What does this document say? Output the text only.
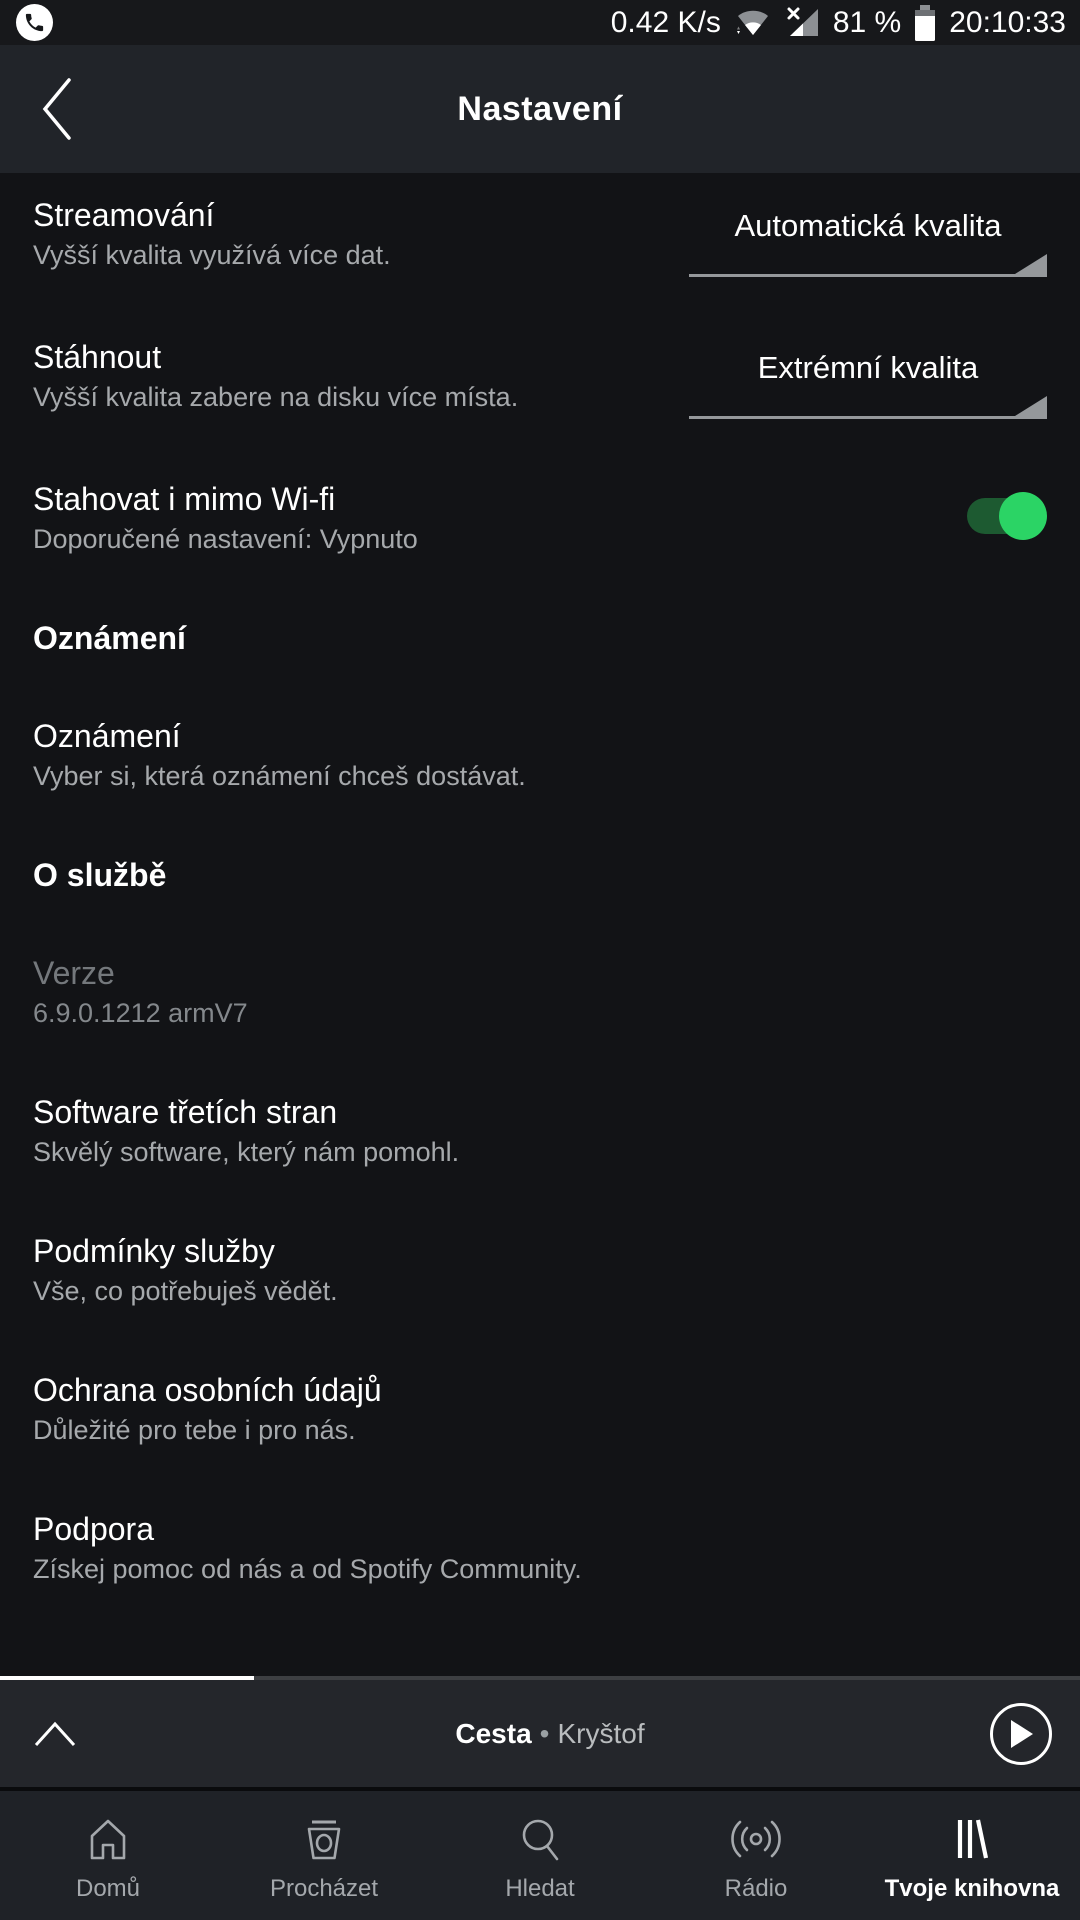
0.42 K/s	81 % 20:10:33
Nastavení
Streamování
Vyšší kvalita využívá více dat.
Automatická kvalita
Stáhnout
Vyšší kvalita zabere na disku více místa.
Extrémní kvalita
Stahovat i mimo Wi-fi
Doporučené nastavení: Vypnuto
Oznámení
Oznámení
Vyber si, která oznámení chceš dostávat.
O službě
Verze
6.9.0.1212 armV7
Software třetích stran
Skvělý software, který nám pomohl.
Podmínky služby
Vše, co potřebuješ vědět.
Ochrana osobních údajů
Důležité pro tebe i pro nás.
Podpora
Získej pomoc od nás a od Spotify Community.
Cesta • Kryštof
Domů	Procházet	Hledat	Rádio	Tvoje knihovna
